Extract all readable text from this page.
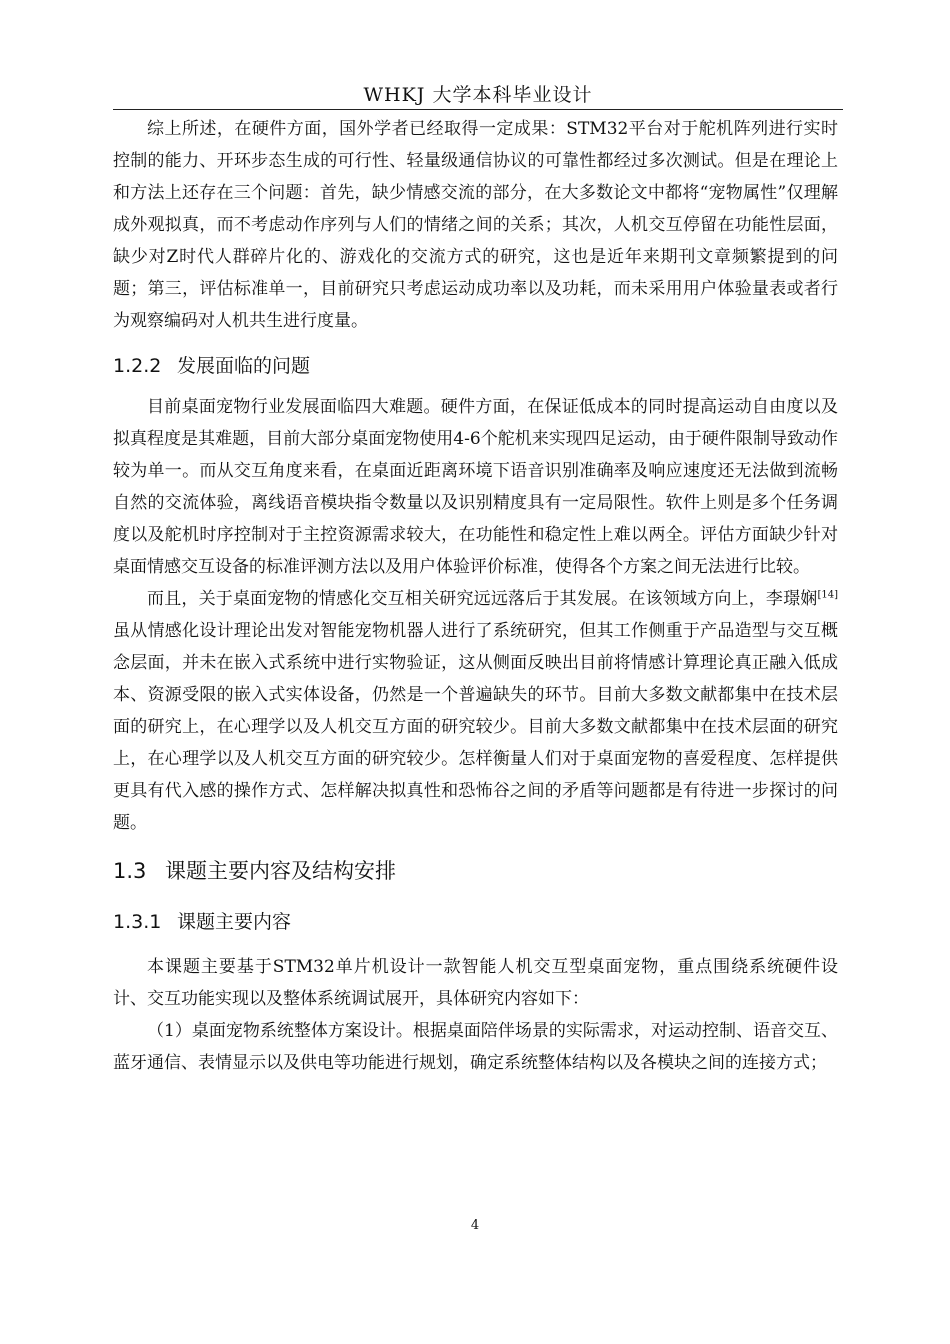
WHKJ 大学本科毕业设计

综上所述，在硬件方面，国外学者已经取得一定成果：STM32平台对于舵机阵列进行实时控制的能力、开环步态生成的可行性、轻量级通信协议的可靠性都经过多次测试。但是在理论上和方法上还存在三个问题：首先，缺少情感交流的部分，在大多数论文中都将“宠物属性”仅理解成外观拟真，而不考虑动作序列与人们的情绪之间的关系；其次，人机交互停留在功能性层面，缺少对Z时代人群碎片化的、游戏化的交流方式的研究，这也是近年来期刊文章频繁提到的问题；第三，评估标准单一，目前研究只考虑运动成功率以及功耗，而未采用用户体验量表或者行为观察编码对人机共生进行度量。

1.2.2 发展面临的问题

目前桌面宠物行业发展面临四大难题。硬件方面，在保证低成本的同时提高运动自由度以及拟真程度是其难题，目前大部分桌面宠物使用4-6个舵机来实现四足运动，由于硬件限制导致动作较为单一。而从交互角度来看，在桌面近距离环境下语音识别准确率及响应速度还无法做到流畅自然的交流体验，离线语音模块指令数量以及识别精度具有一定局限性。软件上则是多个任务调度以及舵机时序控制对于主控资源需求较大，在功能性和稳定性上难以两全。评估方面缺少针对桌面情感交互设备的标准评测方法以及用户体验评价标准，使得各个方案之间无法进行比较。

而且，关于桌面宠物的情感化交互相关研究远远落后于其发展。在该领域方向上，李璟娴[14]虽从情感化设计理论出发对智能宠物机器人进行了系统研究，但其工作侧重于产品造型与交互概念层面，并未在嵌入式系统中进行实物验证，这从侧面反映出目前将情感计算理论真正融入低成本、资源受限的嵌入式实体设备，仍然是一个普遍缺失的环节。目前大多数文献都集中在技术层面的研究上，在心理学以及人机交互方面的研究较少。目前大多数文献都集中在技术层面的研究上，在心理学以及人机交互方面的研究较少。怎样衡量人们对于桌面宠物的喜爱程度、怎样提供更具有代入感的操作方式、怎样解决拟真性和恐怖谷之间的矛盾等问题都是有待进一步探讨的问题。

1.3 课题主要内容及结构安排
1.3.1 课题主要内容

本课题主要基于STM32单片机设计一款智能人机交互型桌面宠物，重点围绕系统硬件设计、交互功能实现以及整体系统调试展开，具体研究内容如下：

（1）桌面宠物系统整体方案设计。根据桌面陪伴场景的实际需求，对运动控制、语音交互、蓝牙通信、表情显示以及供电等功能进行规划，确定系统整体结构以及各模块之间的连接方式；

4
